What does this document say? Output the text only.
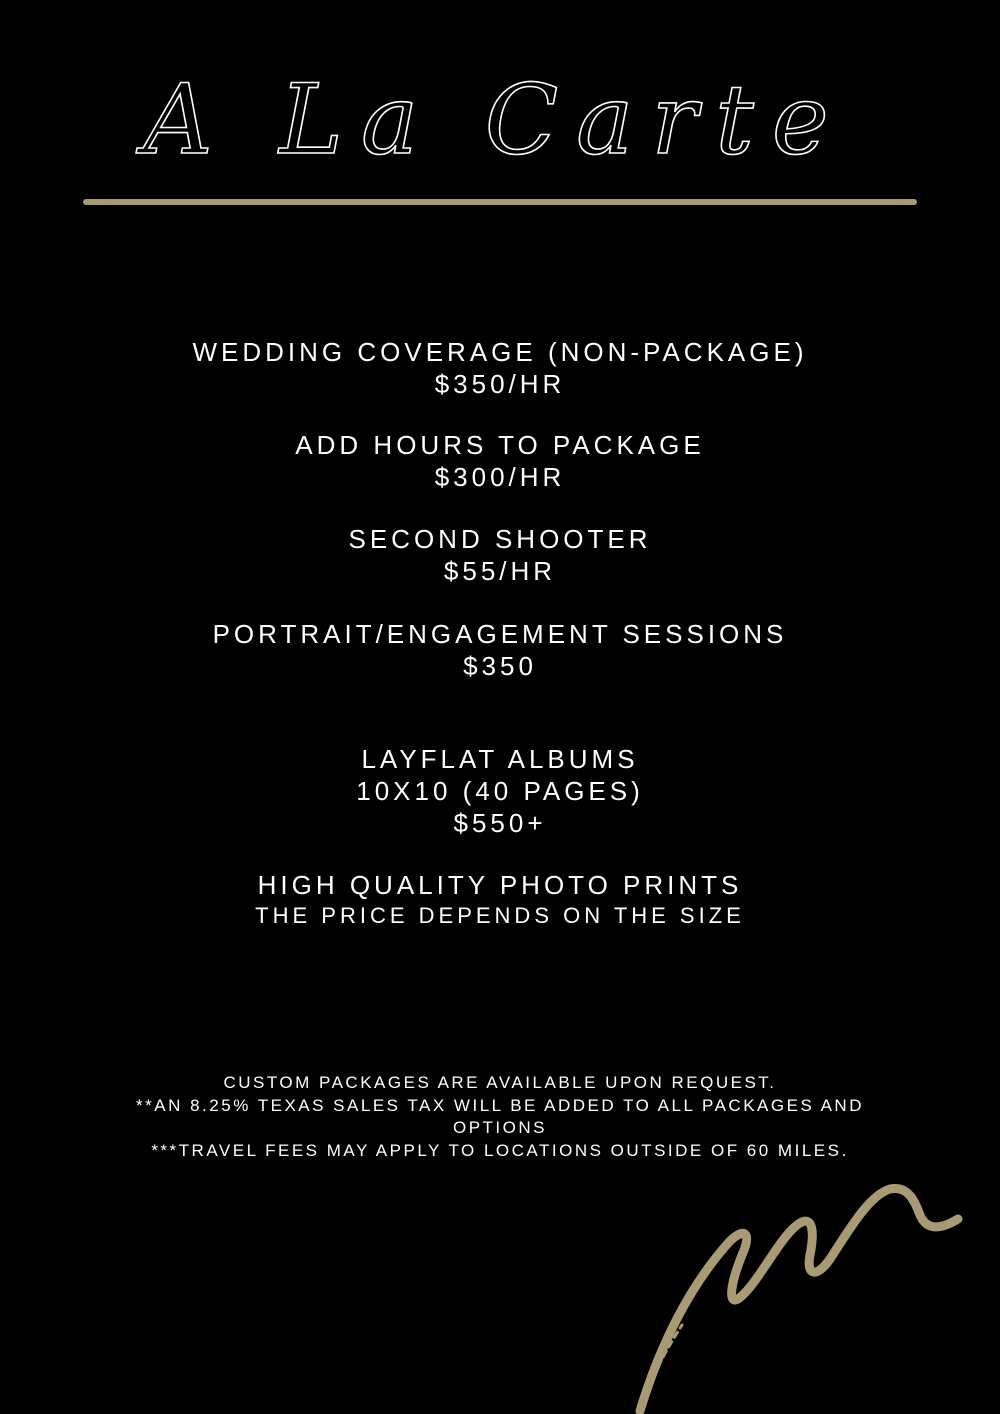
A La Carte
WEDDING COVERAGE (NON-PACKAGE)
$350/HR
ADD HOURS TO PACKAGE
$300/HR
SECOND SHOOTER
$55/HR
PORTRAIT/ENGAGEMENT SESSIONS
$350
LAYFLAT ALBUMS
10X10 (40 PAGES)
$550+
HIGH QUALITY PHOTO PRINTS
THE PRICE DEPENDS ON THE SIZE
CUSTOM PACKAGES ARE AVAILABLE UPON REQUEST.
**AN 8.25% TEXAS SALES TAX WILL BE ADDED TO ALL PACKAGES AND
OPTIONS
***TRAVEL FEES MAY APPLY TO LOCATIONS OUTSIDE OF 60 MILES.
